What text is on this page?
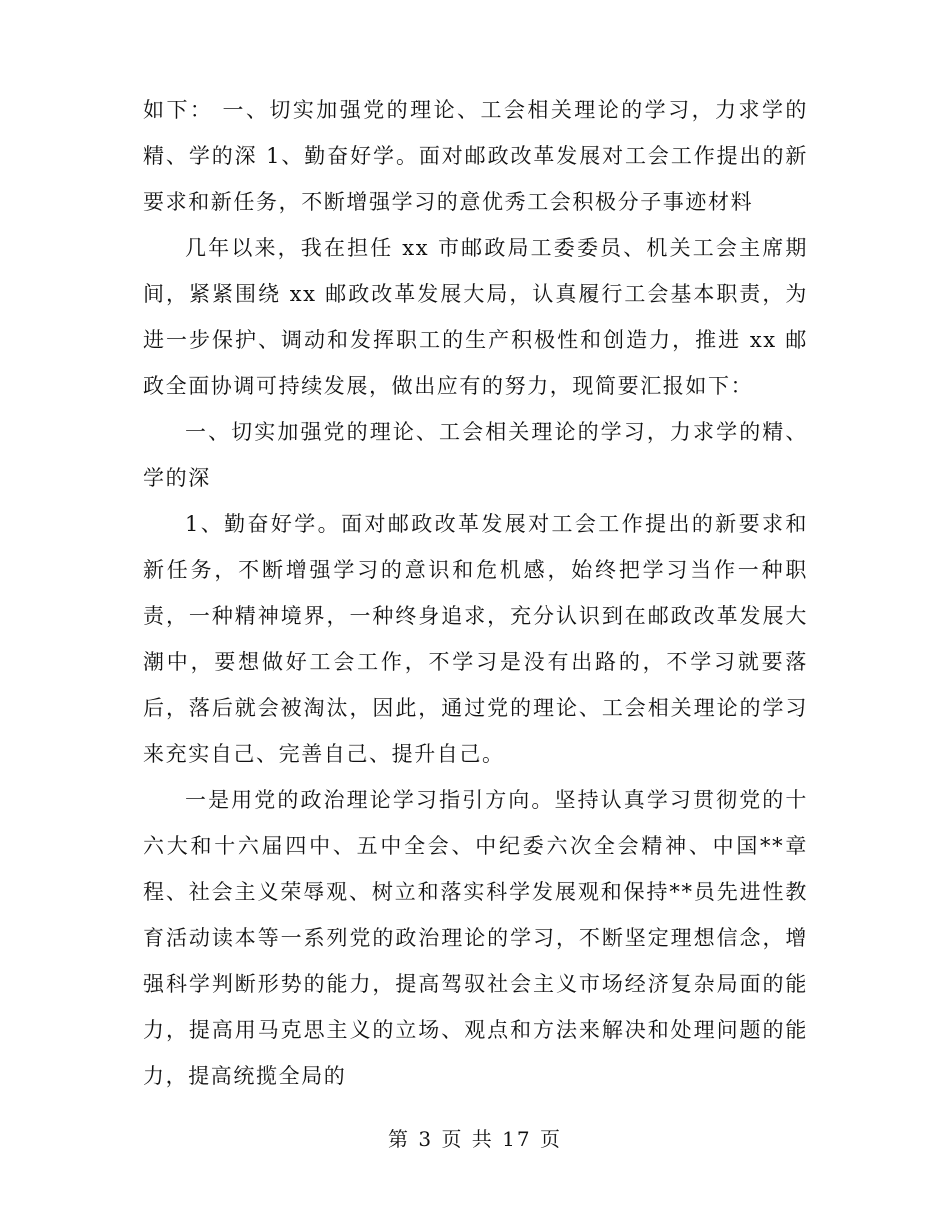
如下： 一、切实加强党的理论、工会相关理论的学习，力求学的精、学的深 1、勤奋好学。面对邮政改革发展对工会工作提出的新要求和新任务，不断增强学习的意优秀工会积极分子事迹材料

几年以来，我在担任 xx 市邮政局工委委员、机关工会主席期间，紧紧围绕 xx 邮政改革发展大局，认真履行工会基本职责，为进一步保护、调动和发挥职工的生产积极性和创造力，推进 xx 邮政全面协调可持续发展，做出应有的努力，现简要汇报如下：

一、切实加强党的理论、工会相关理论的学习，力求学的精、学的深

1、勤奋好学。面对邮政改革发展对工会工作提出的新要求和新任务，不断增强学习的意识和危机感，始终把学习当作一种职责，一种精神境界，一种终身追求，充分认识到在邮政改革发展大潮中，要想做好工会工作，不学习是没有出路的，不学习就要落后，落后就会被淘汰，因此，通过党的理论、工会相关理论的学习来充实自己、完善自己、提升自己。

一是用党的政治理论学习指引方向。坚持认真学习贯彻党的十六大和十六届四中、五中全会、中纪委六次全会精神、中国**章程、社会主义荣辱观、树立和落实科学发展观和保持**员先进性教育活动读本等一系列党的政治理论的学习，不断坚定理想信念，增强科学判断形势的能力，提高驾驭社会主义市场经济复杂局面的能力，提高用马克思主义的立场、观点和方法来解决和处理问题的能力，提高统揽全局的

第 3 页 共 17 页
